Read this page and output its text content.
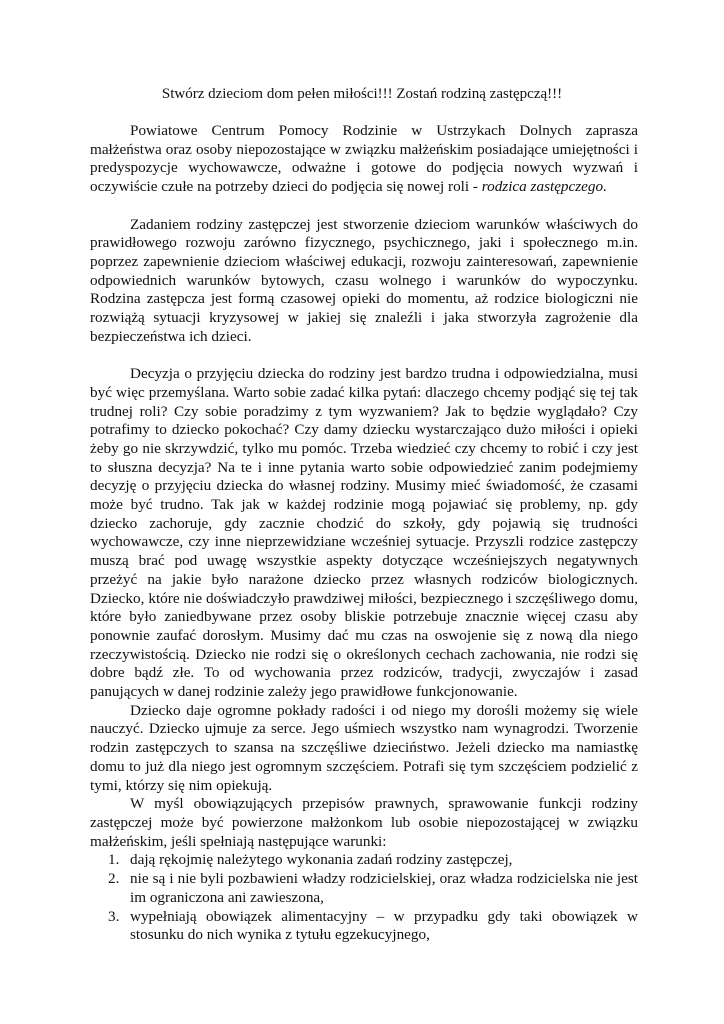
Stwórz dzieciom dom pełen miłości!!! Zostań rodziną zastępczą!!!

Powiatowe Centrum Pomocy Rodzinie w Ustrzykach Dolnych zaprasza małżeństwa oraz osoby niepozostające w związku małżeńskim posiadające umiejętności i predyspozycje wychowawcze, odważne i gotowe do podjęcia nowych wyzwań i oczywiście czułe na potrzeby dzieci do podjęcia się nowej roli - rodzica zastępczego.

Zadaniem rodziny zastępczej jest stworzenie dzieciom warunków właściwych do prawidłowego rozwoju zarówno fizycznego, psychicznego, jaki i społecznego m.in. poprzez zapewnienie dzieciom właściwej edukacji, rozwoju zainteresowań, zapewnienie odpowiednich warunków bytowych, czasu wolnego i warunków do wypoczynku. Rodzina zastępcza jest formą czasowej opieki do momentu, aż rodzice biologiczni nie rozwiążą sytuacji kryzysowej w jakiej się znaleźli i jaka stworzyła zagrożenie dla bezpieczeństwa ich dzieci.

Decyzja o przyjęciu dziecka do rodziny jest bardzo trudna i odpowiedzialna, musi być więc przemyślana. Warto sobie zadać kilka pytań: dlaczego chcemy podjąć się tej tak trudnej roli? Czy sobie poradzimy z tym wyzwaniem? Jak to będzie wyglądało? Czy potrafimy to dziecko pokochać? Czy damy dziecku wystarczająco dużo miłości i opieki żeby go nie skrzywdzić, tylko mu pomóc. Trzeba wiedzieć czy chcemy to robić i czy jest to słuszna decyzja? Na te i inne pytania warto sobie odpowiedzieć zanim podejmiemy decyzję o przyjęciu dziecka do własnej rodziny. Musimy mieć świadomość, że czasami może być trudno. Tak jak w każdej rodzinie mogą pojawiać się problemy, np. gdy dziecko zachoruje, gdy zacznie chodzić do szkoły, gdy pojawią się trudności wychowawcze, czy inne nieprzewidziane wcześniej sytuacje. Przyszli rodzice zastępczy muszą brać pod uwagę wszystkie aspekty dotyczące wcześniejszych negatywnych przeżyć na jakie było narażone dziecko przez własnych rodziców biologicznych. Dziecko, które nie doświadczyło prawdziwej miłości, bezpiecznego i szczęśliwego domu, które było zaniedbywane przez osoby bliskie potrzebuje znacznie więcej czasu aby ponownie zaufać dorosłym. Musimy dać mu czas na oswojenie się z nową dla niego rzeczywistością. Dziecko nie rodzi się o określonych cechach zachowania, nie rodzi się dobre bądź złe. To od wychowania przez rodziców, tradycji, zwyczajów i zasad panujących w danej rodzinie zależy jego prawidłowe funkcjonowanie.

Dziecko daje ogromne pokłady radości i od niego my dorośli możemy się wiele nauczyć. Dziecko ujmuje za serce. Jego uśmiech wszystko nam wynagrodzi. Tworzenie rodzin zastępczych to szansa na szczęśliwe dzieciństwo. Jeżeli dziecko ma namiastkę domu to już dla niego jest ogromnym szczęściem. Potrafi się tym szczęściem podzielić z tymi, którzy się nim opiekują.

W myśl obowiązujących przepisów prawnych, sprawowanie funkcji rodziny zastępczej może być powierzone małżonkom lub osobie niepozostającej w związku małżeńskim, jeśli spełniają następujące warunki:

1. dają rękojmię należytego wykonania zadań rodziny zastępczej,
2. nie są i nie byli pozbawieni władzy rodzicielskiej, oraz władza rodzicielska nie jest im ograniczona ani zawieszona,
3. wypełniają obowiązek alimentacyjny – w przypadku gdy taki obowiązek w stosunku do nich wynika z tytułu egzekucyjnego,
